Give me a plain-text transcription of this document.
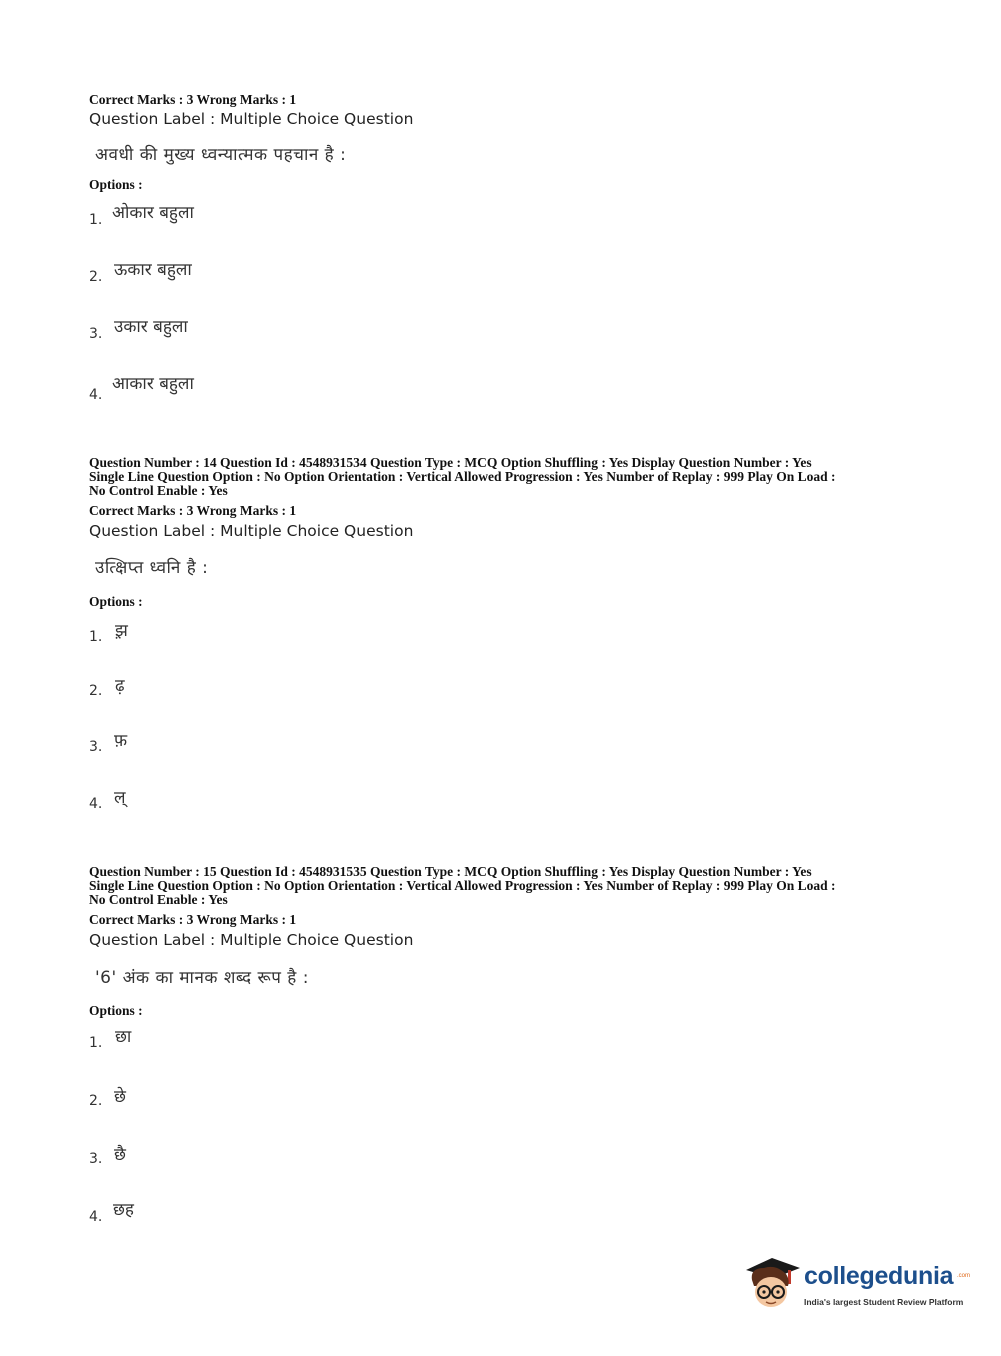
Correct Marks : 3 Wrong Marks : 1
Question Label : Multiple Choice Question
अवधी की मुख्य ध्वन्यात्मक पहचान है :
Options :
1. ओकार बहुला
2. ऊकार बहुला
3. उकार बहुला
4.
आकार बहुला
Question Number : 14 Question Id : 4548931534 Question Type : MCQ Option Shuffling : Yes Display Question Number : Yes
Single Line Question Option : No Option Orientation : Vertical Allowed Progression : Yes Number of Replay : 999 Play On Load :
No Control Enable : Yes
Correct Marks : 3 Wrong Marks : 1
Question Label : Multiple Choice Question
उत्क्षिप्त ध्वनि है :
Options :
1. झ़
2. ढ़
3. फ़
4. ल्
Question Number : 15 Question Id : 4548931535 Question Type : MCQ Option Shuffling : Yes Display Question Number : Yes
Single Line Question Option : No Option Orientation : Vertical Allowed Progression : Yes Number of Replay : 999 Play On Load :
No Control Enable : Yes
Correct Marks : 3 Wrong Marks : 1
Question Label : Multiple Choice Question
'6' अंक का मानक शब्द रूप है :
Options :
1. छा
2. छे
3. छै
4. छह
collegedunia .com
India's largest Student Review Platform
